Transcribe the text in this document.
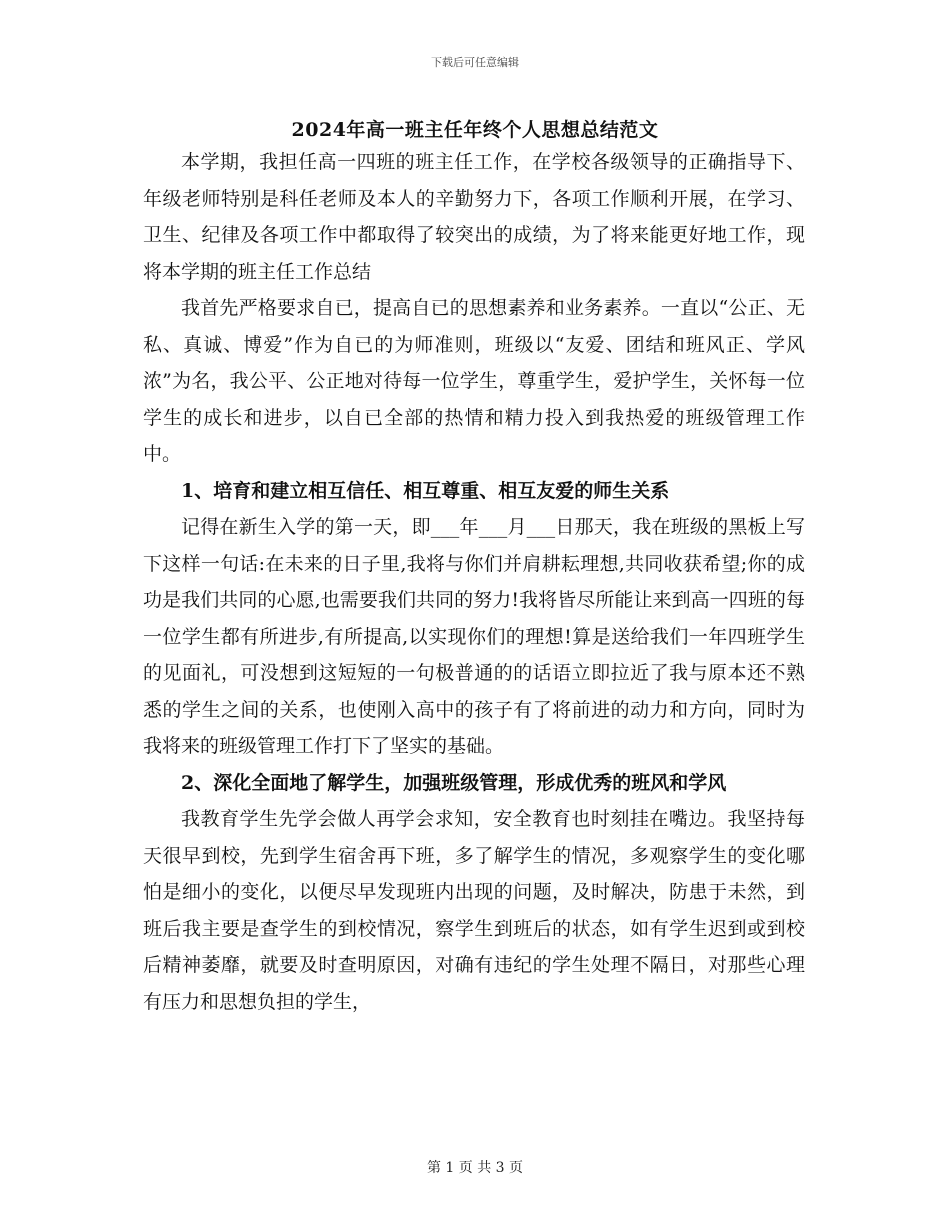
下载后可任意编辑
2024年高一班主任年终个人思想总结范文

本学期，我担任高一四班的班主任工作，在学校各级领导的正确指导下、年级老师特别是科任老师及本人的辛勤努力下，各项工作顺利开展，在学习、卫生、纪律及各项工作中都取得了较突出的成绩，为了将来能更好地工作，现将本学期的班主任工作总结

我首先严格要求自已，提高自已的思想素养和业务素养。一直以“公正、无私、真诚、博爱”作为自已的为师准则，班级以“友爱、团结和班风正、学风浓”为名，我公平、公正地对待每一位学生，尊重学生，爱护学生，关怀每一位学生的成长和进步，以自已全部的热情和精力投入到我热爱的班级管理工作中。

1、培育和建立相互信任、相互尊重、相互友爱的师生关系

记得在新生入学的第一天，即___年___月___日那天，我在班级的黑板上写下这样一句话:在未来的日子里,我将与你们并肩耕耘理想,共同收获希望;你的成功是我们共同的心愿,也需要我们共同的努力!我将皆尽所能让来到高一四班的每一位学生都有所进步,有所提高,以实现你们的理想!算是送给我们一年四班学生的见面礼，可没想到这短短的一句极普通的的话语立即拉近了我与原本还不熟悉的学生之间的关系，也使刚入高中的孩子有了将前进的动力和方向，同时为我将来的班级管理工作打下了坚实的基础。

2、深化全面地了解学生，加强班级管理，形成优秀的班风和学风

我教育学生先学会做人再学会求知，安全教育也时刻挂在嘴边。我坚持每天很早到校，先到学生宿舍再下班，多了解学生的情况，多观察学生的变化哪怕是细小的变化，以便尽早发现班内出现的问题，及时解决，防患于未然，到班后我主要是查学生的到校情况，察学生到班后的状态，如有学生迟到或到校后精神萎靡，就要及时查明原因，对确有违纪的学生处理不隔日，对那些心理有压力和思想负担的学生，

第 1 页 共 3 页
